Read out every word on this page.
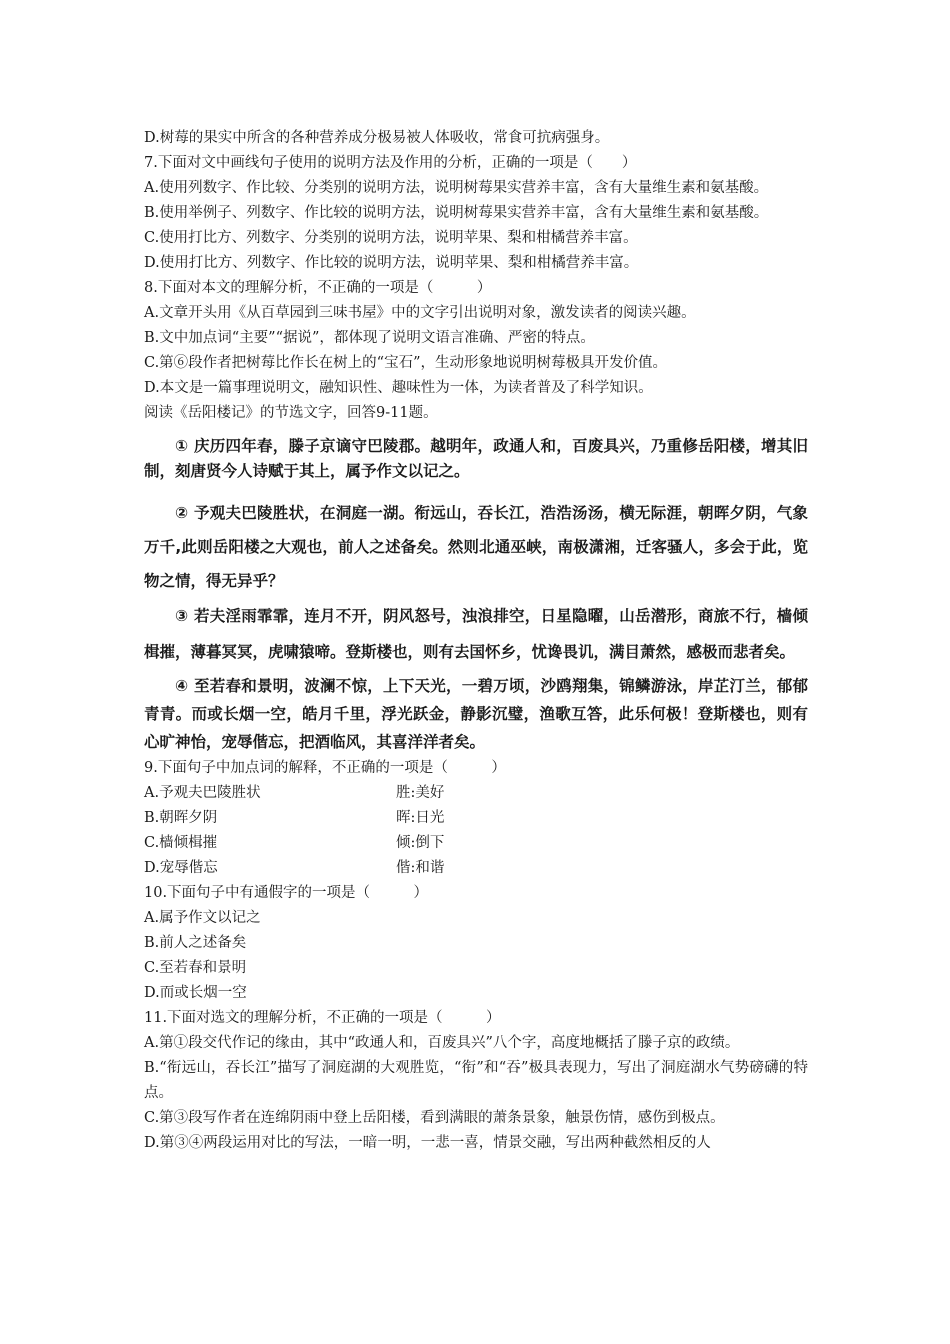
D.树莓的果实中所含的各种营养成分极易被人体吸收，常食可抗病强身。
7.下面对文中画线句子使用的说明方法及作用的分析，正确的一项是（　　）
A.使用列数字、作比较、分类别的说明方法，说明树莓果实营养丰富，含有大量维生素和氨基酸。
B.使用举例子、列数字、作比较的说明方法，说明树莓果实营养丰富，含有大量维生素和氨基酸。
C.使用打比方、列数字、分类别的说明方法，说明苹果、梨和柑橘营养丰富。
D.使用打比方、列数字、作比较的说明方法，说明苹果、梨和柑橘营养丰富。
8.下面对本文的理解分析，不正确的一项是（　　　）
A.文章开头用《从百草园到三味书屋》中的文字引出说明对象，激发读者的阅读兴趣。
B.文中加点词“主要”“据说”，都体现了说明文语言准确、严密的特点。
C.第⑥段作者把树莓比作长在树上的“宝石”，生动形象地说明树莓极具开发价值。
D.本文是一篇事理说明文，融知识性、趣味性为一体，为读者普及了科学知识。
阅读《岳阳楼记》的节选文字，回答9-11题。
① 庆历四年春，滕子京谪守巴陵郡。越明年，政通人和，百废具兴，乃重修岳阳楼，增其旧制，刻唐贤今人诗赋于其上，属予作文以记之。
② 予观夫巴陵胜状，在洞庭一湖。衔远山，吞长江，浩浩汤汤，横无际涯，朝晖夕阴，气象万千,此则岳阳楼之大观也，前人之述备矣。然则北通巫峡，南极潇湘，迁客骚人，多会于此，览物之情，得无异乎？
③ 若夫淫雨霏霏，连月不开，阴风怒号，浊浪排空，日星隐曜，山岳潜形，商旅不行，樯倾楫摧，薄暮冥冥，虎啸猿啼。登斯楼也，则有去国怀乡，忧谗畏讥，满目萧然，感极而悲者矣。
④ 至若春和景明，波澜不惊，上下天光，一碧万顷，沙鸥翔集，锦鳞游泳，岸芷汀兰，郁郁青青。而或长烟一空，皓月千里，浮光跃金，静影沉璧，渔歌互答，此乐何极！登斯楼也，则有心旷神怡，宠辱偕忘，把酒临风，其喜洋洋者矣。
9.下面句子中加点词的解释，不正确的一项是（　　　）
A.予观夫巴陵胜状	胜:美好
B.朝晖夕阴	晖:日光
C.樯倾楫摧	倾:倒下
D.宠辱偕忘	偕:和谐
10.下面句子中有通假字的一项是（　　　）
A.属予作文以记之
B.前人之述备矣
C.至若春和景明
D.而或长烟一空
11.下面对选文的理解分析，不正确的一项是（　　　）
A.第①段交代作记的缘由，其中“政通人和，百废具兴”八个字，高度地概括了滕子京的政绩。
B.“衔远山，吞长江”描写了洞庭湖的大观胜览，“衔”和“吞”极具表现力，写出了洞庭湖水气势磅礴的特点。
C.第③段写作者在连绵阴雨中登上岳阳楼，看到满眼的萧条景象，触景伤情，感伤到极点。
D.第③④两段运用对比的写法，一暗一明，一悲一喜，情景交融，写出两种截然相反的人
